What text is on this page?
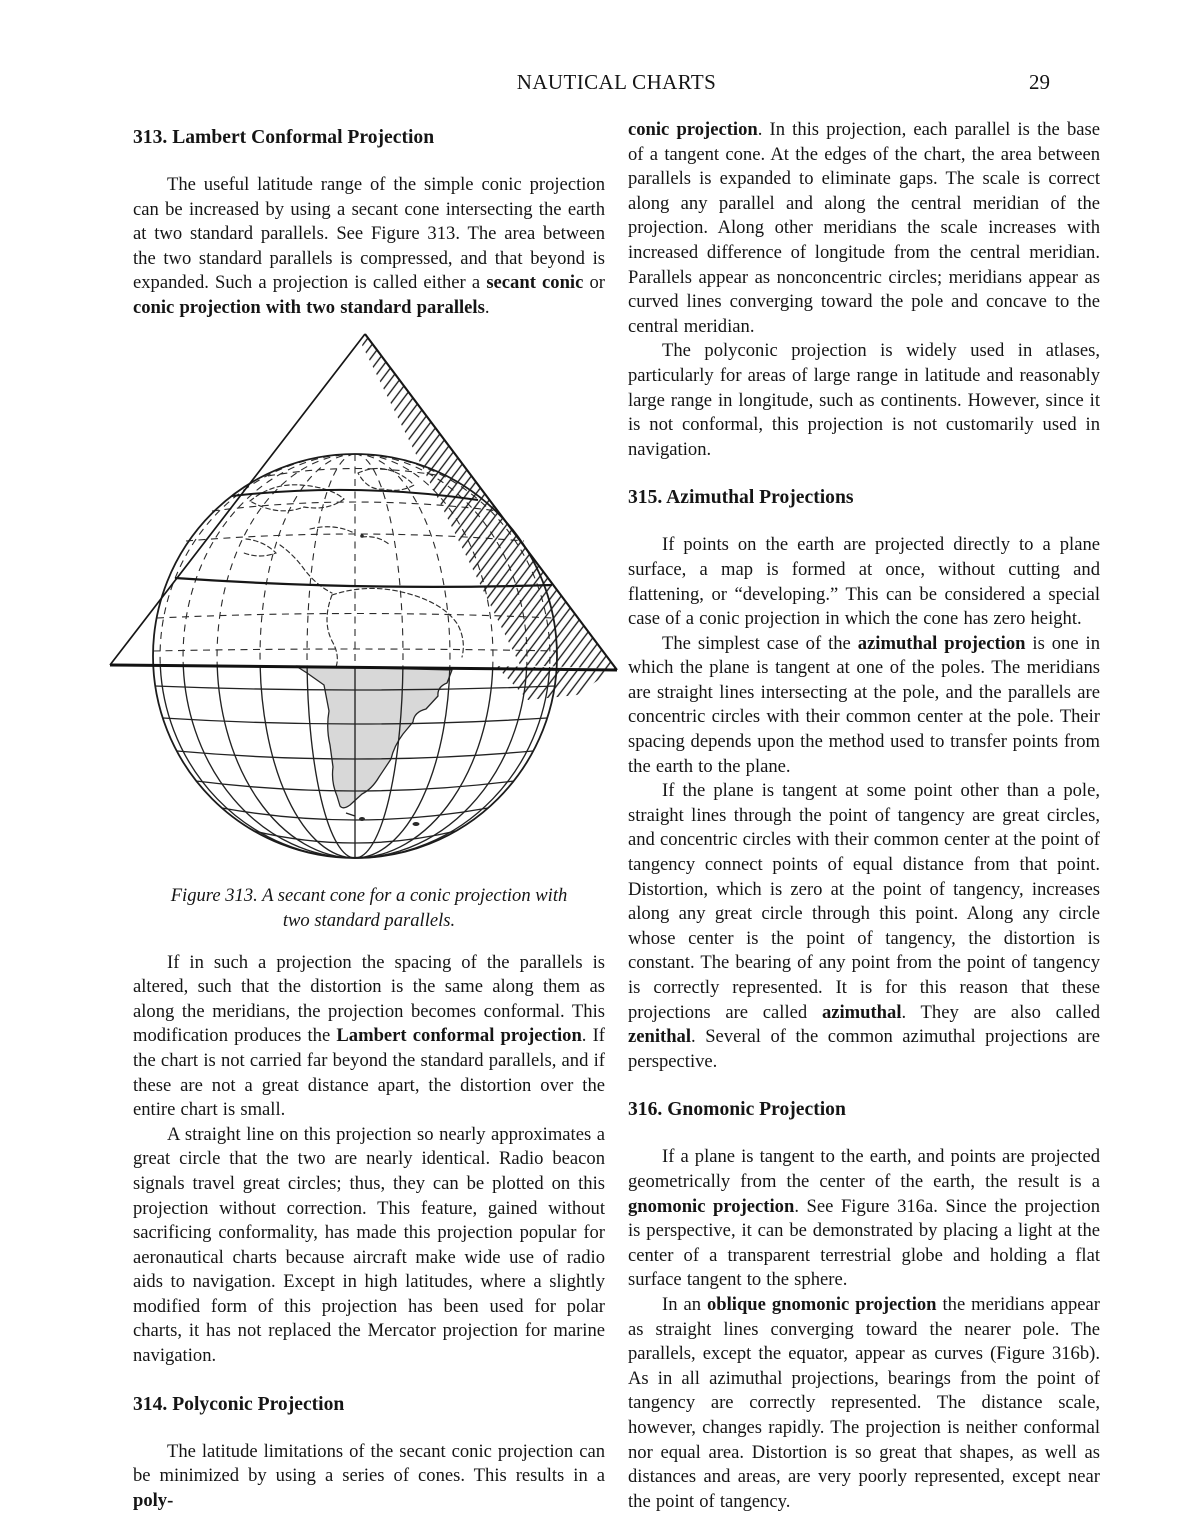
NAUTICAL CHARTS	29
313. Lambert Conformal Projection

The useful latitude range of the simple conic projection can be increased by using a secant cone intersecting the earth at two standard parallels. See Figure 313. The area between the two standard parallels is compressed, and that beyond is expanded. Such a projection is called either a secant conic or conic projection with two standard parallels.

Figure 313. A secant cone for a conic projection with
two standard parallels.

If in such a projection the spacing of the parallels is altered, such that the distortion is the same along them as along the meridians, the projection becomes conformal. This modification produces the Lambert conformal projection. If the chart is not carried far beyond the standard parallels, and if these are not a great distance apart, the distortion over the entire chart is small.

A straight line on this projection so nearly approximates a great circle that the two are nearly identical. Radio beacon signals travel great circles; thus, they can be plotted on this projection without correction. This feature, gained without sacrificing conformality, has made this projection popular for aeronautical charts because aircraft make wide use of radio aids to navigation. Except in high latitudes, where a slightly modified form of this projection has been used for polar charts, it has not replaced the Mercator projection for marine navigation.

314. Polyconic Projection

The latitude limitations of the secant conic projection can be minimized by using a series of cones. This results in a poly-

conic projection. In this projection, each parallel is the base of a tangent cone. At the edges of the chart, the area between parallels is expanded to eliminate gaps. The scale is correct along any parallel and along the central meridian of the projection. Along other meridians the scale increases with increased difference of longitude from the central meridian. Parallels appear as nonconcentric circles; meridians appear as curved lines converging toward the pole and concave to the central meridian.

The polyconic projection is widely used in atlases, particularly for areas of large range in latitude and reasonably large range in longitude, such as continents. However, since it is not conformal, this projection is not customarily used in navigation.

315. Azimuthal Projections

If points on the earth are projected directly to a plane surface, a map is formed at once, without cutting and flattening, or “developing.” This can be considered a special case of a conic projection in which the cone has zero height.

The simplest case of the azimuthal projection is one in which the plane is tangent at one of the poles. The meridians are straight lines intersecting at the pole, and the parallels are concentric circles with their common center at the pole. Their spacing depends upon the method used to transfer points from the earth to the plane.

If the plane is tangent at some point other than a pole, straight lines through the point of tangency are great circles, and concentric circles with their common center at the point of tangency connect points of equal distance from that point. Distortion, which is zero at the point of tangency, increases along any great circle through this point. Along any circle whose center is the point of tangency, the distortion is constant. The bearing of any point from the point of tangency is correctly represented. It is for this reason that these projections are called azimuthal. They are also called zenithal. Several of the common azimuthal projections are perspective.

316. Gnomonic Projection

If a plane is tangent to the earth, and points are projected geometrically from the center of the earth, the result is a gnomonic projection. See Figure 316a. Since the projection is perspective, it can be demonstrated by placing a light at the center of a transparent terrestrial globe and holding a flat surface tangent to the sphere.

In an oblique gnomonic projection the meridians appear as straight lines converging toward the nearer pole. The parallels, except the equator, appear as curves (Figure 316b). As in all azimuthal projections, bearings from the point of tangency are correctly represented. The distance scale, however, changes rapidly. The projection is neither conformal nor equal area. Distortion is so great that shapes, as well as distances and areas, are very poorly represented, except near the point of tangency.
